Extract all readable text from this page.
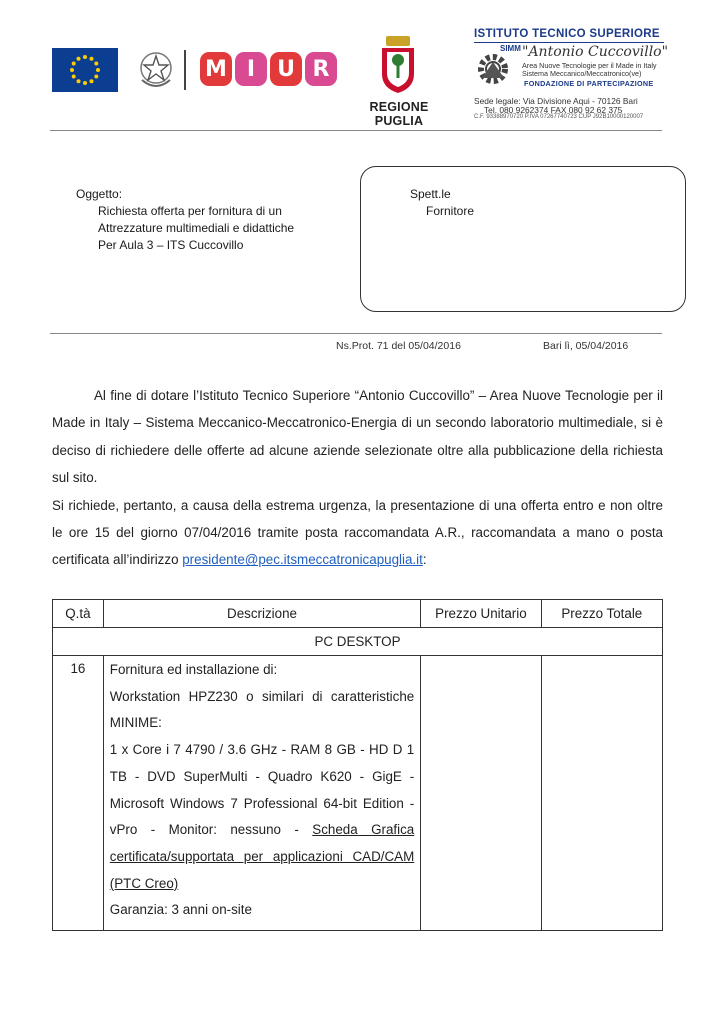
M I U R
REGIONE PUGLIA
ISTITUTO TECNICO SUPERIORE
SIMM "Antonio Cuccovillo"
Area Nuove Tecnologie per il Made in Italy
Sistema Meccanico/Meccatronico(ve)
FONDAZIONE DI PARTECIPAZIONE
Sede legale: Via Divisione Aqui - 70126 Bari
Tel. 080 9262374 FAX 080 92 62 375
C.F. 93388970720 P.IVA 07267740723 CUP J92B10000120007
Oggetto:
Richiesta offerta per fornitura di un
Attrezzature multimediali e didattiche
Per Aula 3 – ITS Cuccovillo
Spett.le
Fornitore
Ns.Prot. 71 del 05/04/2016	Bari lì, 05/04/2016

Al fine di dotare l’Istituto Tecnico Superiore “Antonio Cuccovillo” – Area Nuove Tecnologie per il Made in Italy – Sistema Meccanico-Meccatronico-Energia di un secondo laboratorio multimediale, si è deciso di richiedere delle offerte ad alcune aziende selezionate oltre alla pubblicazione della richiesta sul sito.

Si richiede, pertanto, a causa della estrema urgenza, la presentazione di una offerta entro e non oltre le ore 15 del giorno 07/04/2016 tramite posta raccomandata A.R., raccomandata a mano o posta certificata all’indirizzo presidente@pec.itsmeccatronicapuglia.it:

Q.tà	Descrizione	Prezzo Unitario	Prezzo Totale
PC DESKTOP			
16	Fornitura ed installazione di:
Workstation HPZ230 o similari di caratteristiche MINIME:
1 x Core i 7 4790 / 3.6 GHz - RAM 8 GB - HD D 1 TB - DVD SuperMulti - Quadro K620 - GigE - Microsoft Windows 7 Professional 64-bit Edition - vPro - Monitor: nessuno - Scheda Grafica certificata/supportata per applicazioni CAD/CAM (PTC Creo)
Garanzia: 3 anni on-site		
